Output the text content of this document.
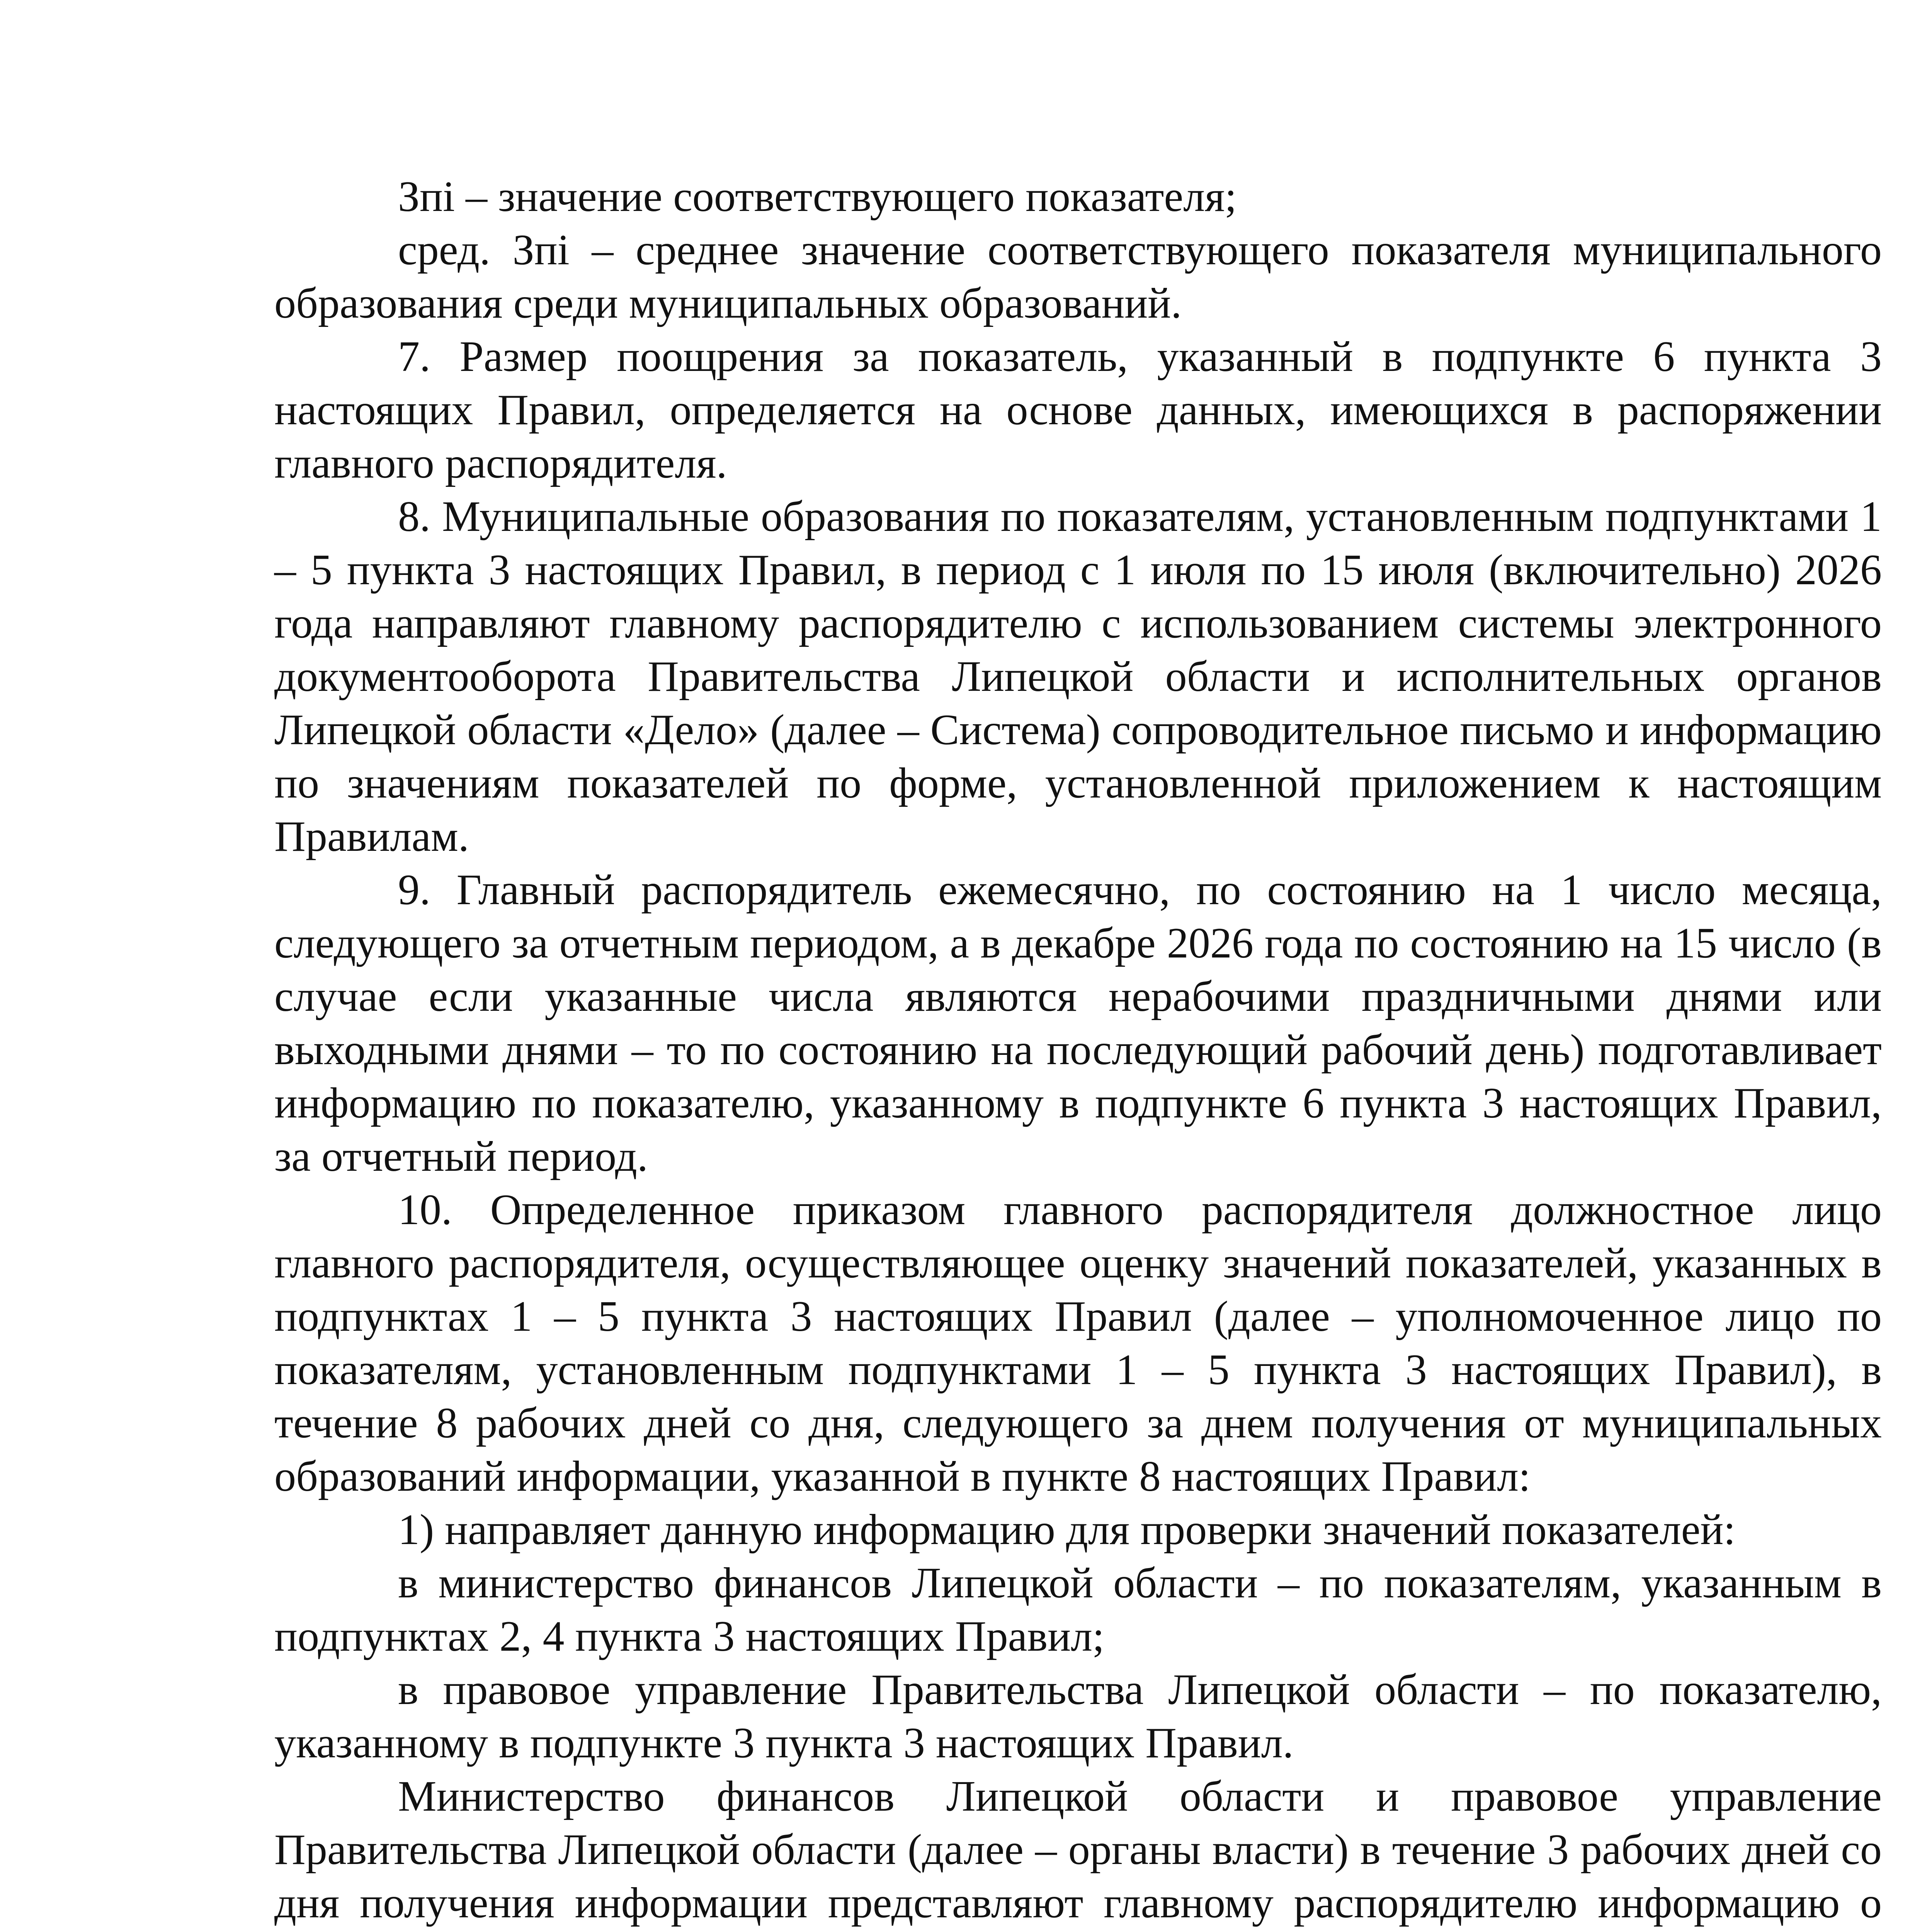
Зпi – значение соответствующего показателя;

сред. Зпi – среднее значение соответствующего показателя муниципального образования среди муниципальных образований.

7. Размер поощрения за показатель, указанный в подпункте 6 пункта 3 настоящих Правил, определяется на основе данных, имеющихся в распоряжении главного распорядителя.

8. Муниципальные образования по показателям, установленным подпунктами 1 – 5 пункта 3 настоящих Правил, в период с 1 июля по 15 июля (включительно) 2026 года направляют главному распорядителю с использованием системы электронного документооборота Правительства Липецкой области и исполнительных органов Липецкой области «Дело» (далее – Система) сопроводительное письмо и информацию по значениям показателей по форме, установленной приложением к настоящим Правилам.

9. Главный распорядитель ежемесячно, по состоянию на 1 число месяца, следующего за отчетным периодом, а в декабре 2026 года по состоянию на 15 число (в случае если указанные числа являются нерабочими праздничными днями или выходными днями – то по состоянию на последующий рабочий день) подготавливает информацию по показателю, указанному в подпункте 6 пункта 3 настоящих Правил, за отчетный период.

10. Определенное приказом главного распорядителя должностное лицо главного распорядителя, осуществляющее оценку значений показателей, указанных в подпунктах 1 – 5 пункта 3 настоящих Правил (далее – уполномоченное лицо по показателям, установленным подпунктами 1 – 5 пункта 3 настоящих Правил), в течение 8 рабочих дней со дня, следующего за днем получения от муниципальных образований информации, указанной в пункте 8 настоящих Правил:

1) направляет данную информацию для проверки значений показателей:

в министерство финансов Липецкой области – по показателям, указанным в подпунктах 2, 4 пункта 3 настоящих Правил;

в правовое управление Правительства Липецкой области – по показателю, указанному в подпункте 3 пункта 3 настоящих Правил.

Министерство финансов Липецкой области и правовое управление Правительства Липецкой области (далее – органы власти) в течение 3 рабочих дней со дня получения информации представляют главному распорядителю информацию о
